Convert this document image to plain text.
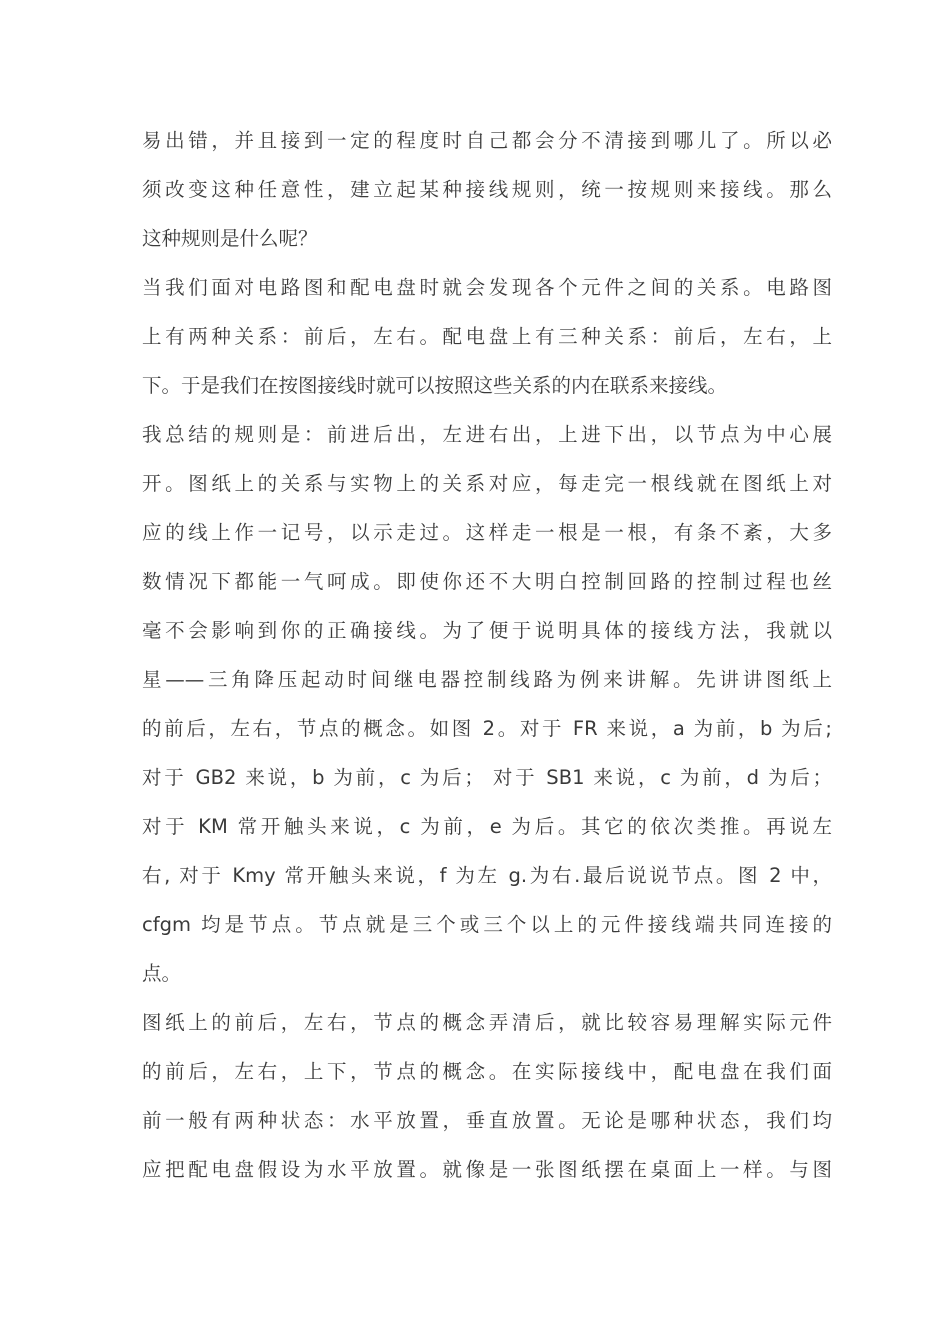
易出错，并且接到一定的程度时自己都会分不清接到哪儿了。所以必
须改变这种任意性，建立起某种接线规则，统一按规则来接线。那么
这种规则是什么呢？
当我们面对电路图和配电盘时就会发现各个元件之间的关系。电路图
上有两种关系：前后，左右。配电盘上有三种关系：前后，左右，上
下。于是我们在按图接线时就可以按照这些关系的内在联系来接线。
我总结的规则是：前进后出，左进右出，上进下出，以节点为中心展
开。图纸上的关系与实物上的关系对应，每走完一根线就在图纸上对
应的线上作一记号，以示走过。这样走一根是一根，有条不紊，大多
数情况下都能一气呵成。即使你还不大明白控制回路的控制过程也丝
毫不会影响到你的正确接线。为了便于说明具体的接线方法，我就以
星——三角降压起动时间继电器控制线路为例来讲解。先讲讲图纸上
的前后，左右，节点的概念。如图 2。对于 FR 来说，a 为前，b 为后;
对于 GB2 来说，b 为前，c 为后； 对于 SB1 来说，c 为前，d 为后；
对于 KM 常开触头来说，c 为前，e 为后。其它的依次类推。再说左
右, 对于 Kmy 常开触头来说，f 为左 g.为右.最后说说节点。图 2 中，
cfgm 均是节点。节点就是三个或三个以上的元件接线端共同连接的
点。
图纸上的前后，左右，节点的概念弄清后，就比较容易理解实际元件
的前后，左右，上下，节点的概念。在实际接线中，配电盘在我们面
前一般有两种状态：水平放置，垂直放置。无论是哪种状态，我们均
应把配电盘假设为水平放置。就像是一张图纸摆在桌面上一样。与图
